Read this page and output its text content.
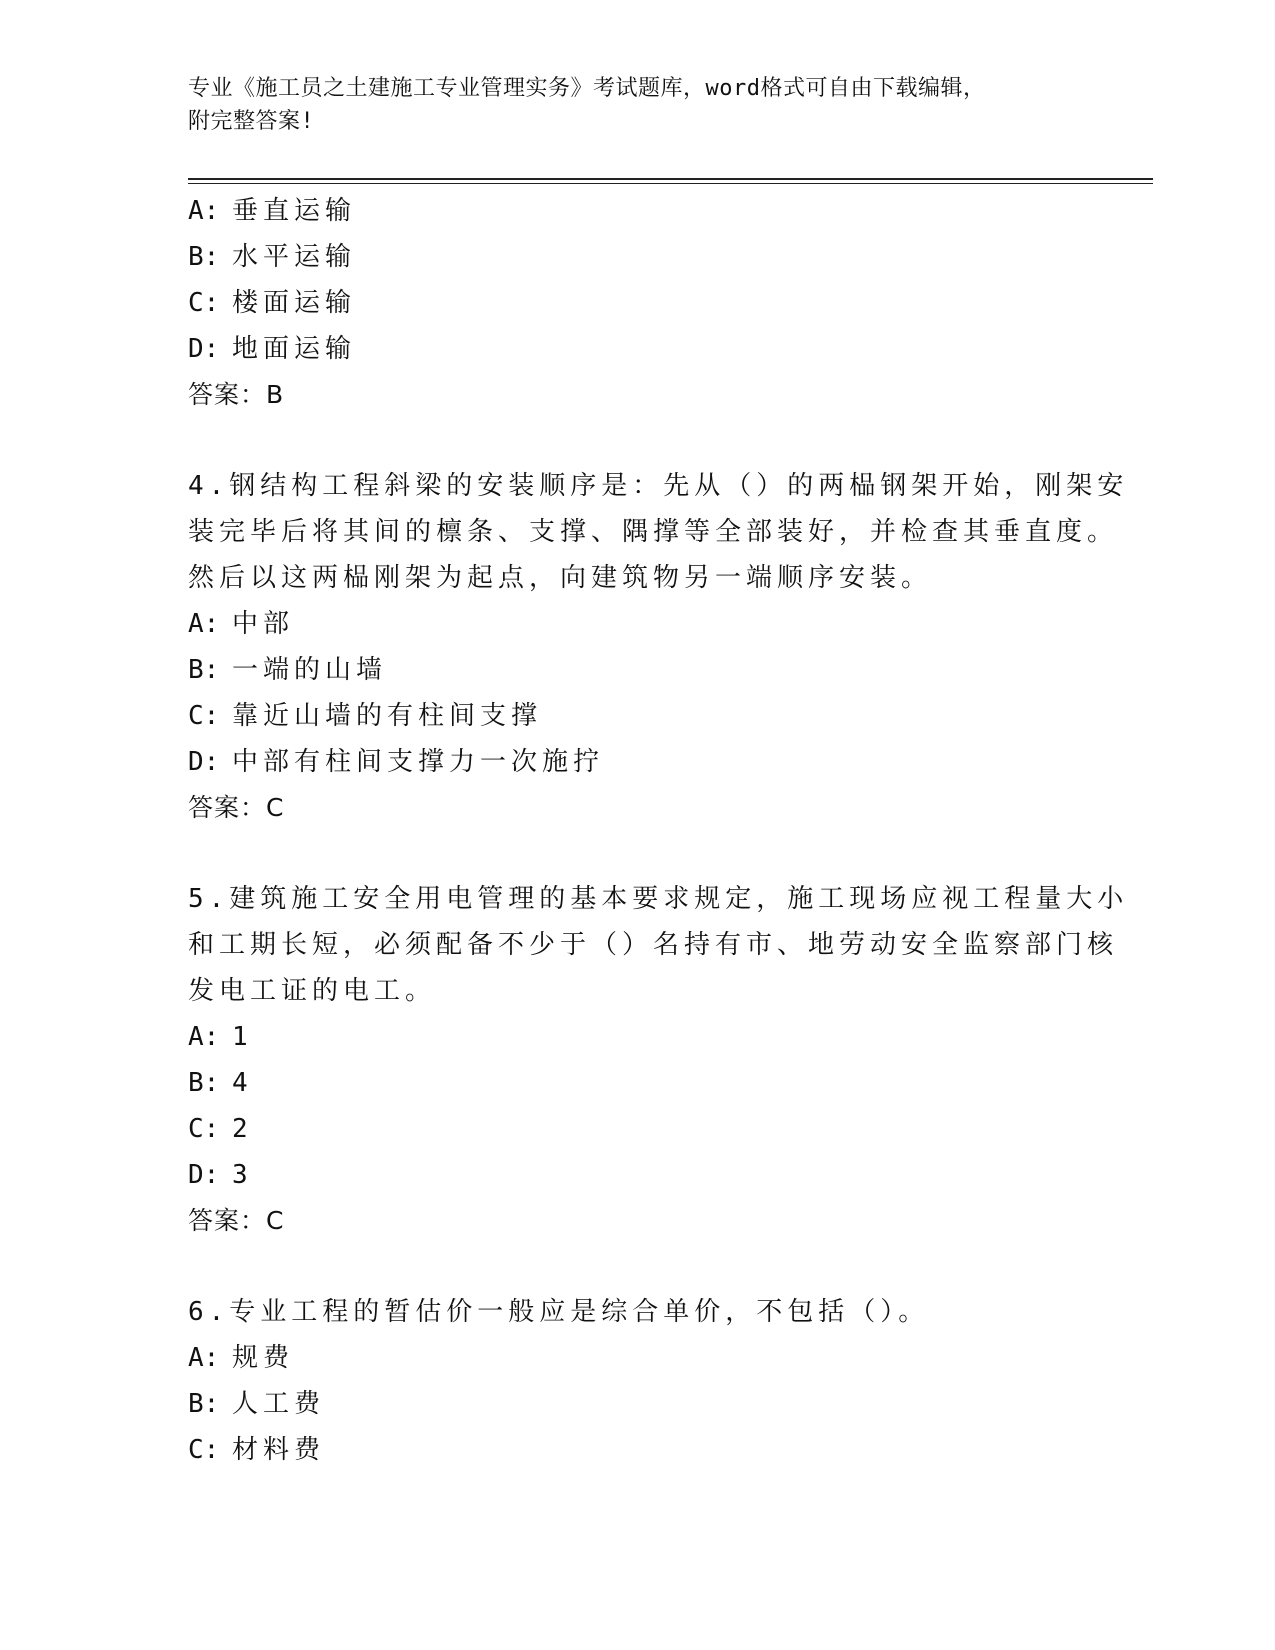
专业《施工员之土建施工专业管理实务》考试题库，word格式可自由下载编辑，
附完整答案!
A: 垂直运输
B: 水平运输
C: 楼面运输
D: 地面运输
答案：B
4.钢结构工程斜梁的安装顺序是：先从（）的两榀钢架开始，刚架安
装完毕后将其间的檩条、支撑、隅撑等全部装好，并检查其垂直度。
然后以这两榀刚架为起点，向建筑物另一端顺序安装。
A: 中部
B: 一端的山墙
C: 靠近山墙的有柱间支撑
D: 中部有柱间支撑力一次施拧
答案：C
5.建筑施工安全用电管理的基本要求规定，施工现场应视工程量大小
和工期长短，必须配备不少于（）名持有市、地劳动安全监察部门核
发电工证的电工。
A: 1
B: 4
C: 2
D: 3
答案：C
6.专业工程的暂估价一般应是综合单价，不包括（）。
A: 规费
B: 人工费
C: 材料费
